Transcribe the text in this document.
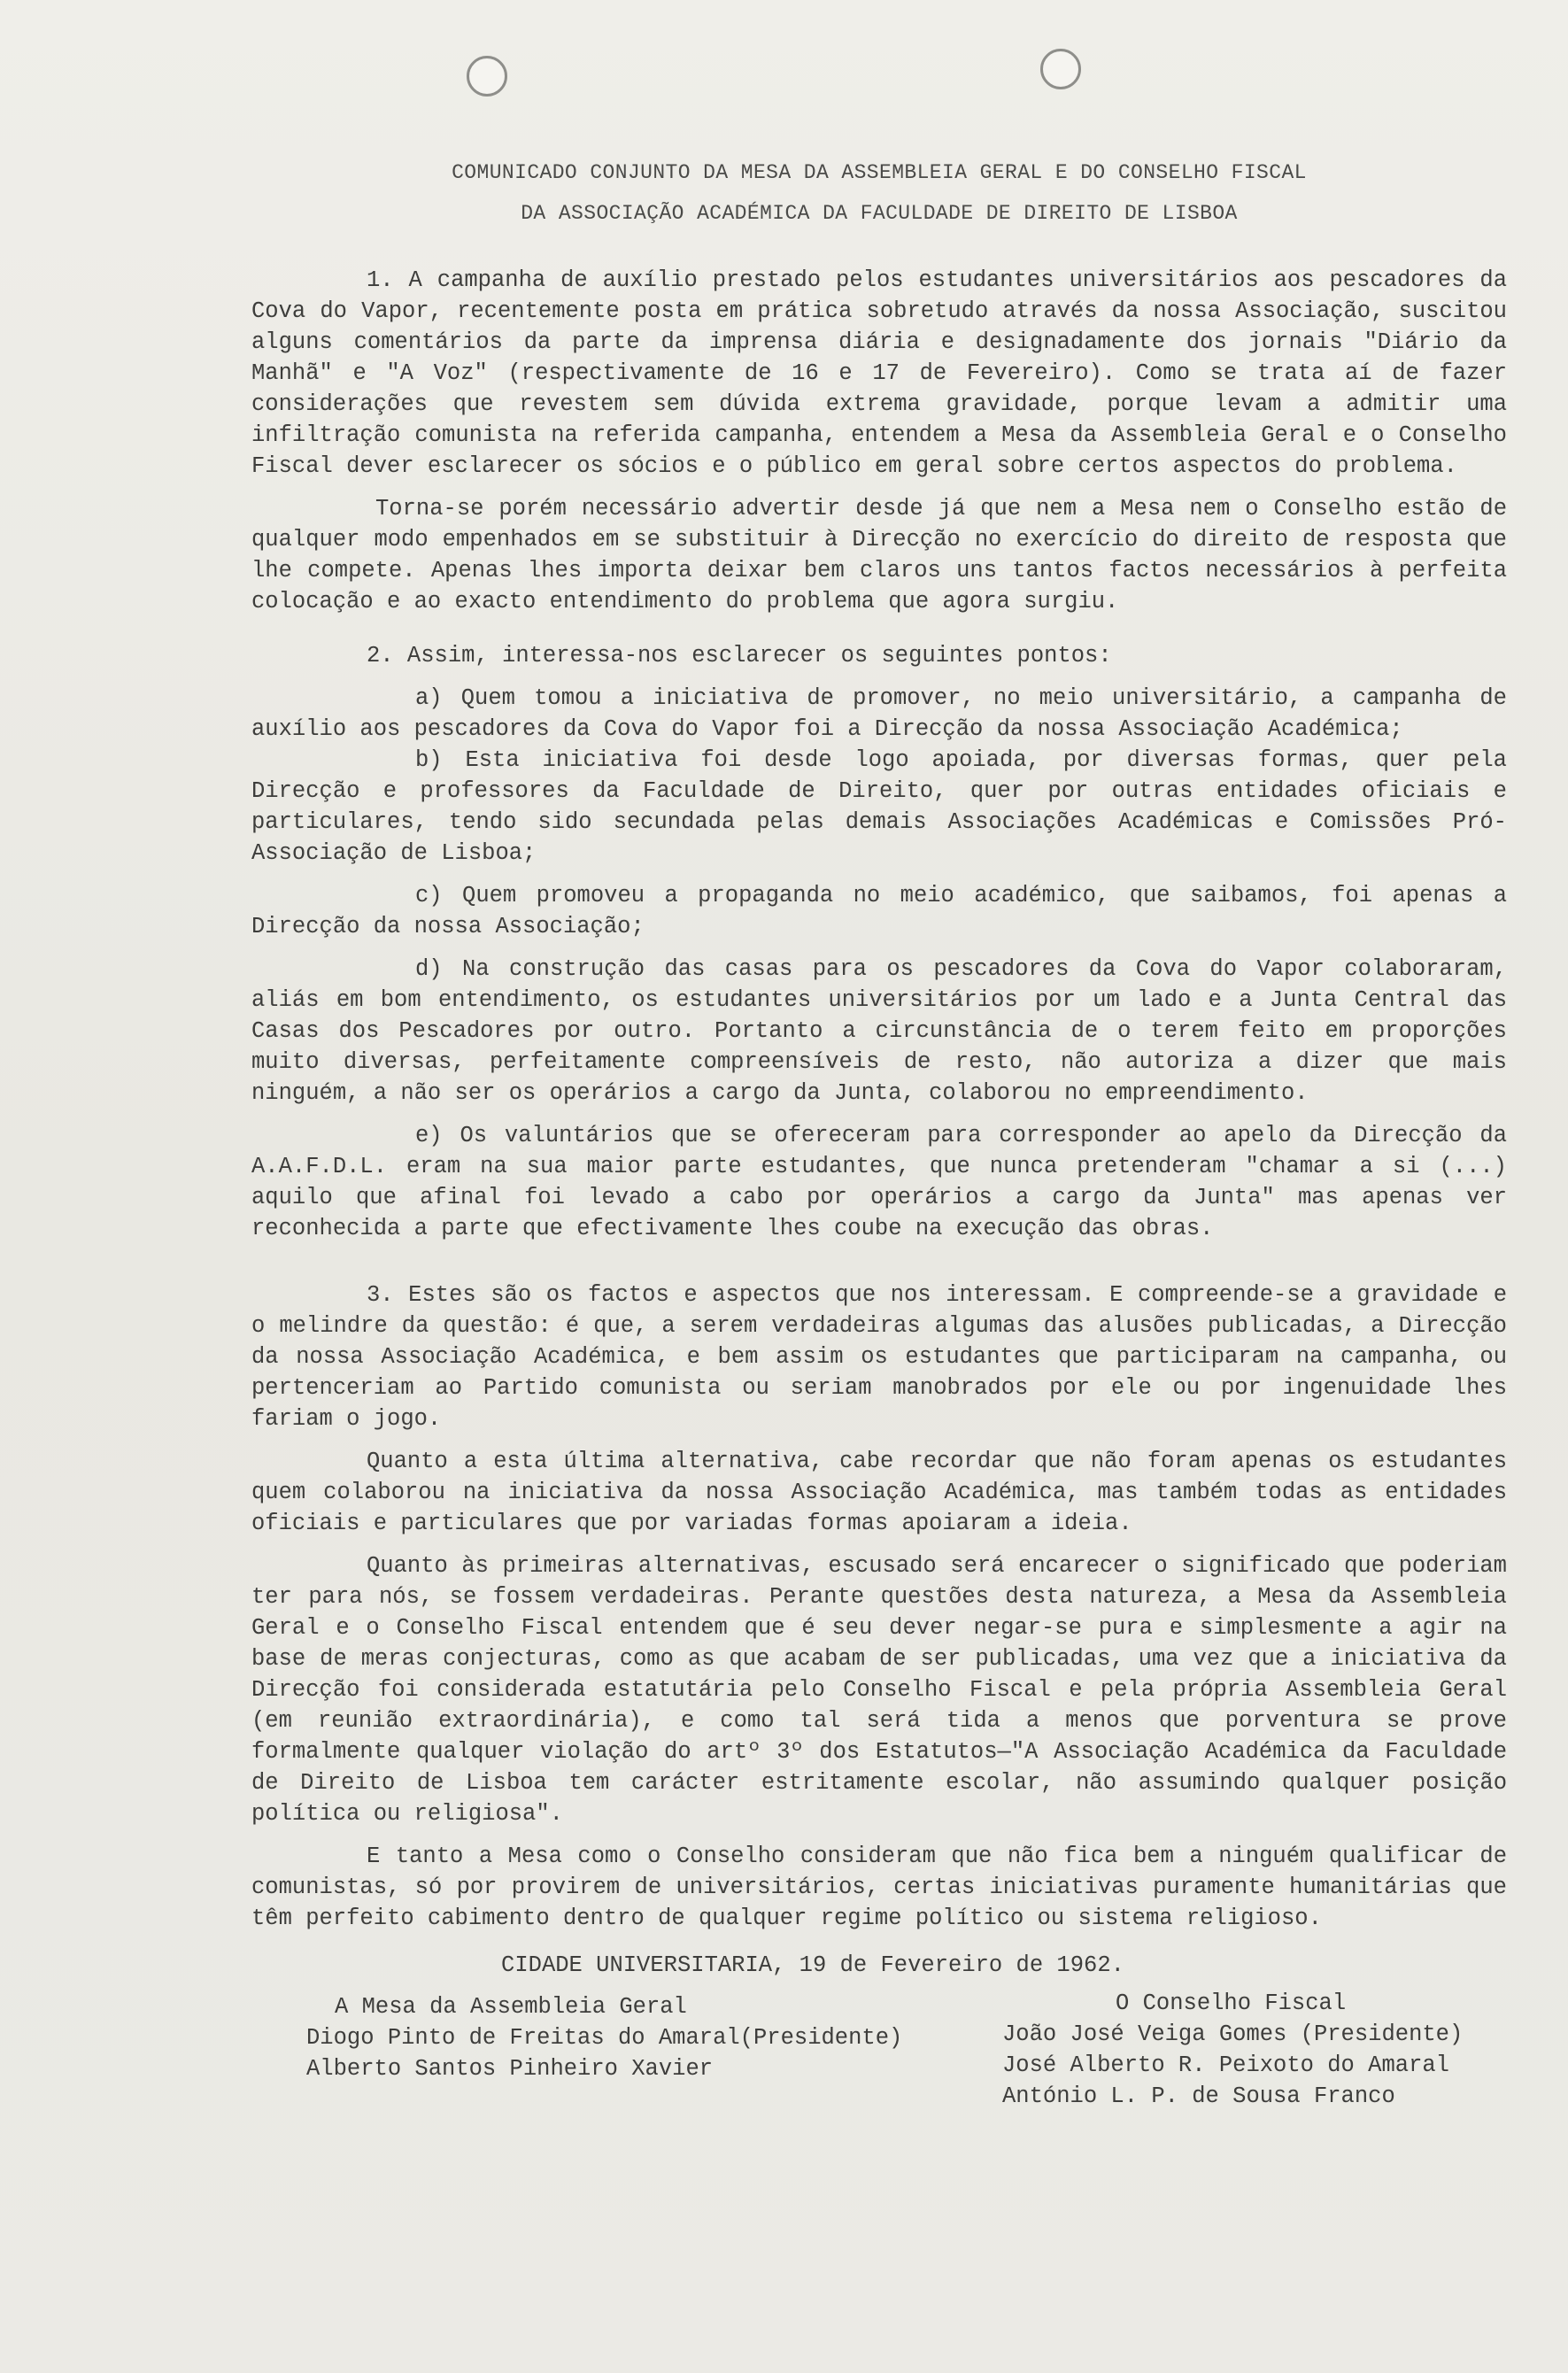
COMUNICADO CONJUNTO DA MESA DA ASSEMBLEIA GERAL E DO CONSELHO FISCAL
DA ASSOCIAÇÃO ACADÉMICA DA FACULDADE DE DIREITO DE LISBOA

1. A campanha de auxílio prestado pelos estudantes universitários aos pescadores da Cova do Vapor, recentemente posta em prática sobretudo através da nossa Associação, suscitou alguns comentários da parte da imprensa diária e designadamente dos jornais "Diário da Manhã" e "A Voz" (respectivamente de 16 e 17 de Fevereiro). Como se trata aí de fazer considerações que revestem sem dúvida extrema gravidade, porque levam a admitir uma infiltração comunista na referida campanha, entendem a Mesa da Assembleia Geral e o Conselho Fiscal dever esclarecer os sócios e o público em geral sobre certos aspectos do problema.

Torna-se porém necessário advertir desde já que nem a Mesa nem o Conselho estão de qualquer modo empenhados em se substituir à Direcção no exercício do direito de resposta que lhe compete. Apenas lhes importa deixar bem claros uns tantos factos necessários à perfeita colocação e ao exacto entendimento do problema que agora surgiu.

2. Assim, interessa-nos esclarecer os seguintes pontos:

a) Quem tomou a iniciativa de promover, no meio universitário, a campanha de auxílio aos pescadores da Cova do Vapor foi a Direcção da nossa Associação Académica;

b) Esta iniciativa foi desde logo apoiada, por diversas formas, quer pela Direcção e professores da Faculdade de Direito, quer por outras entidades oficiais e particulares, tendo sido secundada pelas demais Associações Académicas e Comissões Pró-Associação de Lisboa;

c) Quem promoveu a propaganda no meio académico, que saibamos, foi apenas a Direcção da nossa Associação;

d) Na construção das casas para os pescadores da Cova do Vapor colaboraram, aliás em bom entendimento, os estudantes universitários por um lado e a Junta Central das Casas dos Pescadores por outro. Portanto a circunstância de o terem feito em proporções muito diversas, perfeitamente compreensíveis de resto, não autoriza a dizer que mais ninguém, a não ser os operários a cargo da Junta, colaborou no empreendimento.

e) Os valuntários que se ofereceram para corresponder ao apelo da Direcção da A.A.F.D.L. eram na sua maior parte estudantes, que nunca pretenderam "chamar a si (...) aquilo que afinal foi levado a cabo por operários a cargo da Junta" mas apenas ver reconhecida a parte que efectivamente lhes coube na execução das obras.

3. Estes são os factos e aspectos que nos interessam. E compreende-se a gravidade e o melindre da questão: é que, a serem verdadeiras algumas das alusões publicadas, a Direcção da nossa Associação Académica, e bem assim os estudantes que participaram na campanha, ou pertenceriam ao Partido comunista ou seriam manobrados por ele ou por ingenuidade lhes fariam o jogo.

Quanto a esta última alternativa, cabe recordar que não foram apenas os estudantes quem colaborou na iniciativa da nossa Associação Académica, mas também todas as entidades oficiais e particulares que por variadas formas apoiaram a ideia.

Quanto às primeiras alternativas, escusado será encarecer o significado que poderiam ter para nós, se fossem verdadeiras. Perante questões desta natureza, a Mesa da Assembleia Geral e o Conselho Fiscal entendem que é seu dever negar-se pura e simplesmente a agir na base de meras conjecturas, como as que acabam de ser publicadas, uma vez que a iniciativa da Direcção foi considerada estatutária pelo Conselho Fiscal e pela própria Assembleia Geral (em reunião extraordinária), e como tal será tida a menos que porventura se prove formalmente qualquer violação do artº 3º dos Estatutos—"A Associação Académica da Faculdade de Direito de Lisboa tem carácter estritamente escolar, não assumindo qualquer posição política ou religiosa".

E tanto a Mesa como o Conselho consideram que não fica bem a ninguém qualificar de comunistas, só por provirem de universitários, certas iniciativas puramente humanitárias que têm perfeito cabimento dentro de qualquer regime político ou sistema religioso.

CIDADE UNIVERSITARIA, 19 de Fevereiro de 1962.
A Mesa da Assembleia Geral
Diogo Pinto de Freitas do Amaral(Presidente)
Alberto Santos Pinheiro Xavier
O Conselho Fiscal
João José Veiga Gomes (Presidente)
José Alberto R. Peixoto do Amaral
António L. P. de Sousa Franco
